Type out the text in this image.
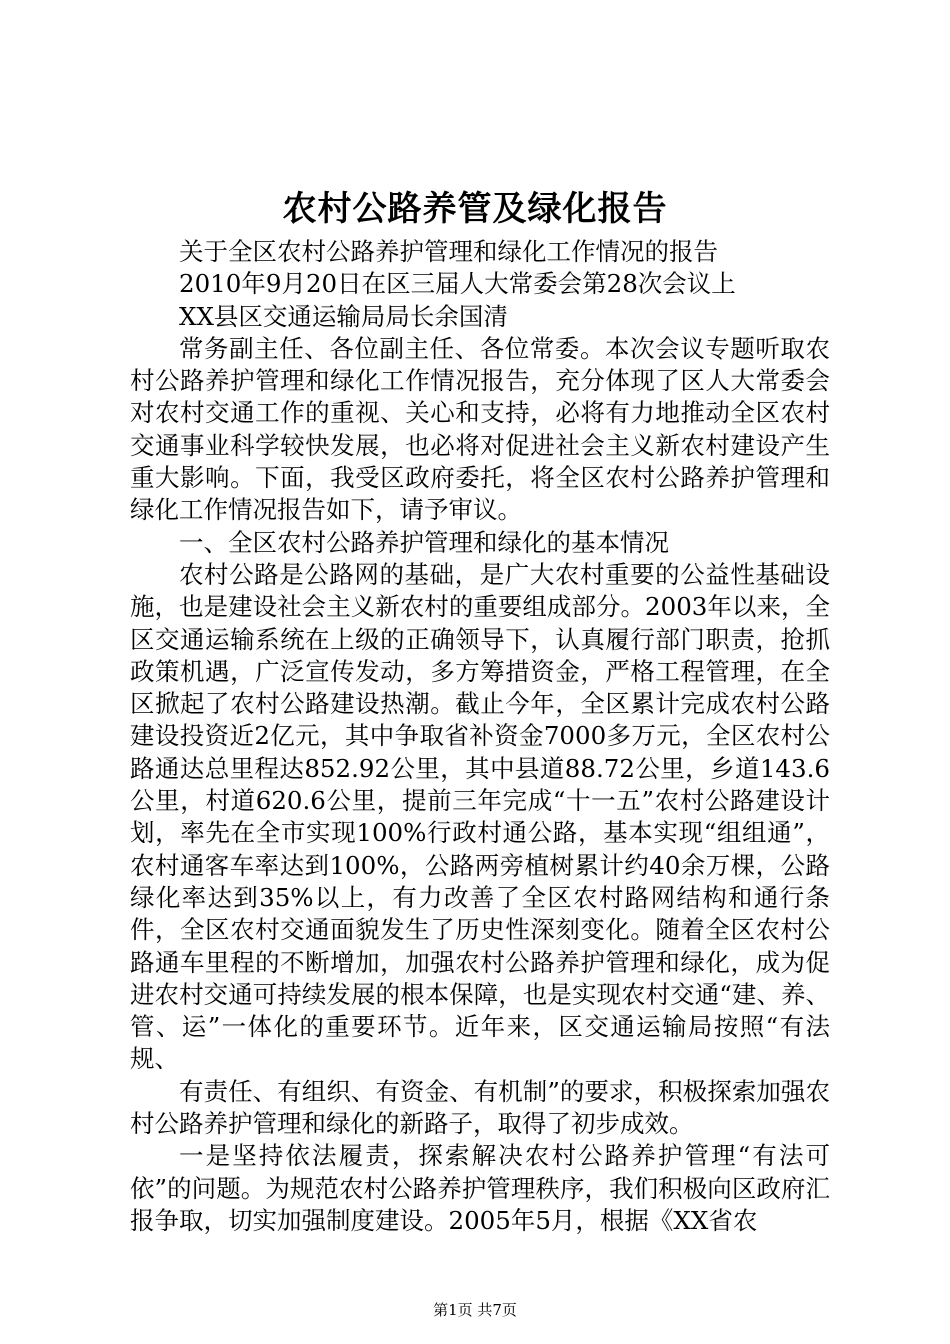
农村公路养管及绿化报告

关于全区农村公路养护管理和绿化工作情况的报告

2010年9月20日在区三届人大常委会第28次会议上

XX县区交通运输局局长余国清

常务副主任、各位副主任、各位常委。本次会议专题听取农村公路养护管理和绿化工作情况报告，充分体现了区人大常委会对农村交通工作的重视、关心和支持，必将有力地推动全区农村交通事业科学较快发展，也必将对促进社会主义新农村建设产生重大影响。下面，我受区政府委托，将全区农村公路养护管理和绿化工作情况报告如下，请予审议。

一、全区农村公路养护管理和绿化的基本情况

农村公路是公路网的基础，是广大农村重要的公益性基础设施，也是建设社会主义新农村的重要组成部分。2003年以来，全区交通运输系统在上级的正确领导下，认真履行部门职责，抢抓政策机遇，广泛宣传发动，多方筹措资金，严格工程管理，在全区掀起了农村公路建设热潮。截止今年，全区累计完成农村公路建设投资近2亿元，其中争取省补资金7000多万元，全区农村公路通达总里程达852.92公里，其中县道88.72公里，乡道143.6公里，村道620.6公里，提前三年完成“十一五”农村公路建设计划，率先在全市实现100%行政村通公路，基本实现“组组通”，农村通客车率达到100%，公路两旁植树累计约40余万棵，公路绿化率达到35%以上，有力改善了全区农村路网结构和通行条件，全区农村交通面貌发生了历史性深刻变化。随着全区农村公路通车里程的不断增加，加强农村公路养护管理和绿化，成为促进农村交通可持续发展的根本保障，也是实现农村交通“建、养、管、运”一体化的重要环节。近年来，区交通运输局按照“有法规、

有责任、有组织、有资金、有机制”的要求，积极探索加强农村公路养护管理和绿化的新路子，取得了初步成效。

一是坚持依法履责，探索解决农村公路养护管理“有法可依”的问题。为规范农村公路养护管理秩序，我们积极向区政府汇报争取，切实加强制度建设。2005年5月，根据《XX省农

第1页 共7页
